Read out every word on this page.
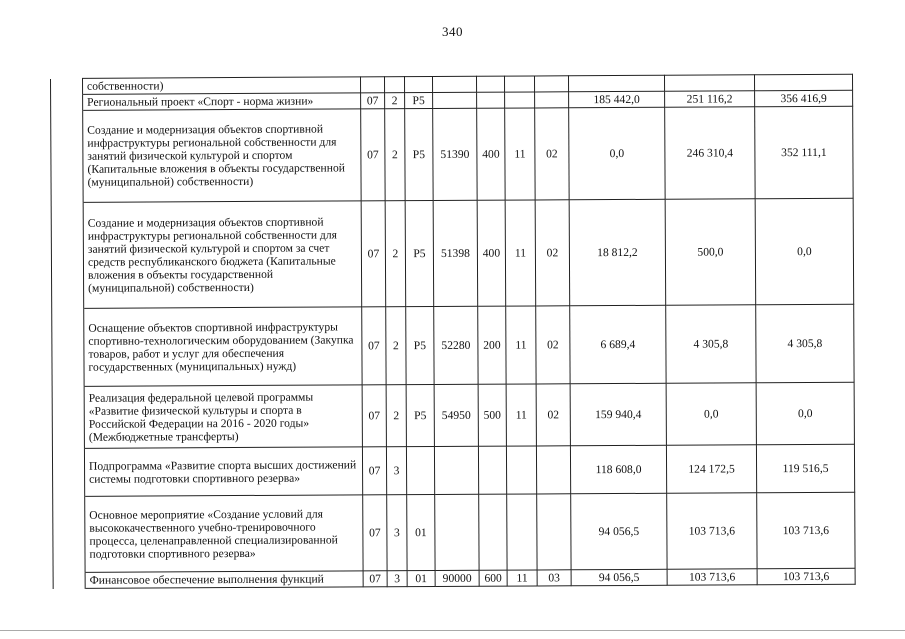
340
	собственности)										
	Региональный проект «Спорт - норма жизни»	07	2	P5					185 442,0	251 116,2	356 416,9
	Создание и модернизация объектов спортивной инфраструктуры региональной собственности для занятий физической культурой и спортом (Капитальные вложения в объекты государственной (муниципальной) собственности)	07	2	P5	51390	400	11	02	0,0	246 310,4	352 111,1
	Создание и модернизация объектов спортивной инфраструктуры региональной собственности для занятий физической культурой и спортом за счет средств республиканского бюджета (Капитальные вложения в объекты государственной (муниципальной) собственности)	07	2	P5	51398	400	11	02	18 812,2	500,0	0,0
	Оснащение объектов спортивной инфраструктуры спортивно-технологическим оборудованием (Закупка товаров, работ и услуг для обеспечения государственных (муниципальных) нужд)	07	2	P5	52280	200	11	02	6 689,4	4 305,8	4 305,8
	Реализация федеральной целевой программы «Развитие физической культуры и спорта в Российской Федерации на 2016 - 2020 годы» (Межбюджетные трансферты)	07	2	P5	54950	500	11	02	159 940,4	0,0	0,0
	Подпрограмма «Развитие спорта высших достижений системы подготовки спортивного резерва»	07	3						118 608,0	124 172,5	119 516,5
	Основное мероприятие «Создание условий для высококачественного учебно-тренировочного процесса, целенаправленной специализированной подготовки спортивного резерва»	07	3	01					94 056,5	103 713,6	103 713,6
	Финансовое обеспечение выполнения функций	07	3	01	90000	600	11	03	94 056,5	103 713,6	103 713,6
